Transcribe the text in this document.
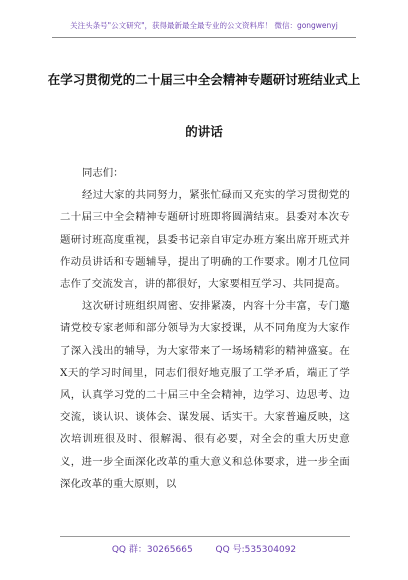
关注头条号"公文研究"，获得最新最全最专业的公文资料库！ 微信：gongwenyj
在学习贯彻党的二十届三中全会精神专题研讨班结业式上
的讲话

同志们：

经过大家的共同努力，紧张忙碌而又充实的学习贯彻党的二十届三中全会精神专题研讨班即将圆满结束。县委对本次专题研讨班高度重视，县委书记亲自审定办班方案出席开班式并作动员讲话和专题辅导，提出了明确的工作要求。刚才几位同志作了交流发言，讲的都很好，大家要相互学习、共同提高。

这次研讨班组织周密、安排紧凑，内容十分丰富，专门邀请党校专家老师和部分领导为大家授课，从不同角度为大家作了深入浅出的辅导，为大家带来了一场场精彩的精神盛宴。在X天的学习时间里，同志们很好地克服了工学矛盾，端正了学风，认真学习党的二十届三中全会精神，边学习、边思考、边交流，谈认识、谈体会、谋发展、话实干。大家普遍反映，这次培训班很及时、很解渴、很有必要，对全会的重大历史意义，进一步全面深化改革的重大意义和总体要求，进一步全面深化改革的重大原则，以

QQ 群：30265665	QQ 号:535304092
